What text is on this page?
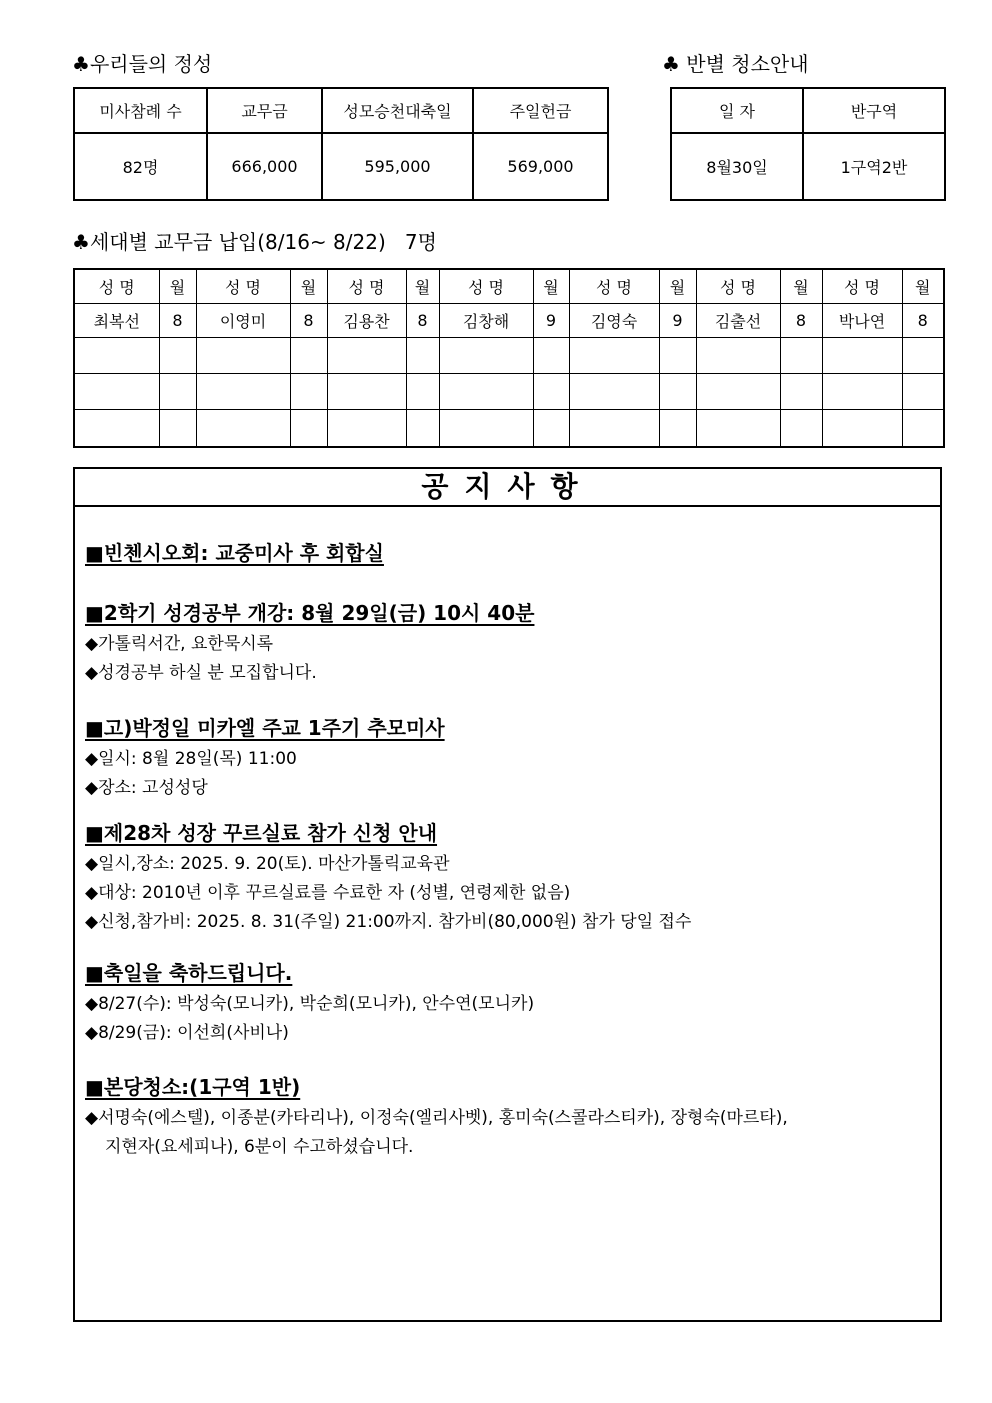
♣우리들의 정성
미사참례 수	교무금	성모승천대축일	주일헌금
82명	666,000	595,000	569,000
♣ 반별 청소안내
일 자	반구역
8월30일	1구역2반
♣세대별 교무금 납입(8/16~ 8/22) 7명
성 명	월	성 명	월	성 명	월	성 명	월	성 명	월	성 명	월	성 명	월
최복선	8	이영미	8	김용찬	8	김창해	9	김영숙	9	김출선	8	박나연	8

공지사항
■빈첸시오회: 교중미사 후 회합실
■2학기 성경공부 개강: 8월 29일(금) 10시 40분
◆가톨릭서간, 요한묵시록
◆성경공부 하실 분 모집합니다.
■고)박정일 미카엘 주교 1주기 추모미사
◆일시: 8월 28일(목) 11:00
◆장소: 고성성당
■제28차 성장 꾸르실료 참가 신청 안내
◆일시,장소: 2025. 9. 20(토). 마산가톨릭교육관
◆대상: 2010년 이후 꾸르실료를 수료한 자 (성별, 연령제한 없음)
◆신청,참가비: 2025. 8. 31(주일) 21:00까지. 참가비(80,000원) 참가 당일 접수
■축일을 축하드립니다.
◆8/27(수): 박성숙(모니카), 박순희(모니카), 안수연(모니카)
◆8/29(금): 이선희(사비나)
■본당청소:(1구역 1반)
◆서명숙(에스텔), 이종분(카타리나), 이정숙(엘리사벳), 홍미숙(스콜라스티카), 장형숙(마르타),
지현자(요세피나), 6분이 수고하셨습니다.
